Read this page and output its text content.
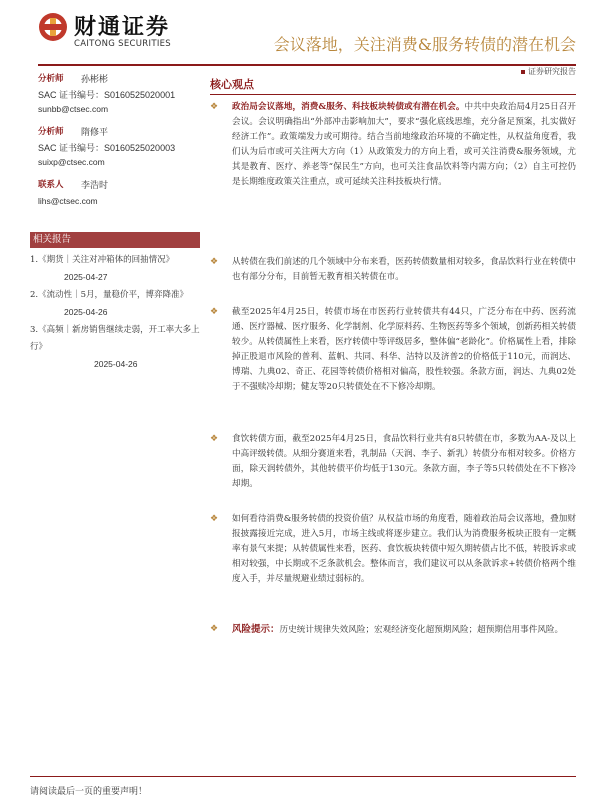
财通证券
CAITONG SECURITIES	会议落地，关注消费&服务转债的潜在机会
证券研究报告
分析师	孙彬彬
SAC 证书编号：S0160525020001
sunbb@ctsec.com
分析师	隋修平
SAC 证书编号：S0160525020003
suixp@ctsec.com
联系人	李浩时
lihs@ctsec.com
相关报告
1.《期货｜关注对冲箱体的回抽情况》
2025-04-27
2.《流动性｜5月，量稳价平，博弈降准》
2025-04-26
3.《高频｜新房销售继续走弱，开工率大多上行》
2025-04-26
核心观点
❖ 政治局会议落地，消费&服务、科技板块转债或有潜在机会。中共中央政治局4月25日召开会议。会议明确指出“外部冲击影响加大”，要求“强化底线思维，充分备足预案，扎实做好经济工作”。政策端发力或可期待。结合当前地缘政治环境的不确定性，从权益角度看，我们认为后市或可关注两大方向（1）从政策发力的方向上看，或可关注消费&服务领域，尤其是教育、医疗、养老等“保民生”方向，也可关注食品饮料等内需方向；（2）自主可控仍是长期维度政策关注重点，或可延续关注科技板块行情。
❖ 从转债在我们前述的几个领域中分布来看，医药转债数量相对较多，食品饮料行业在转债中也有部分分布，目前暂无教育相关转债在市。
❖ 截至2025年4月25日，转债市场在市医药行业转债共有44只，广泛分布在中药、医药流通、医疗器械、医疗服务、化学制剂、化学原料药、生物医药等多个领域，创新药相关转债较少。从转债属性上来看，医疗转债中等评级居多，整体偏“老龄化”。价格属性上看，排除掉正股退市风险的普利、蓝帆、共同、科华、洁特以及济普2的价格低于110元，而润达、博瑞、九典02、奇正、花园等转债价格相对偏高，股性较强。条款方面，润达、九典02处于不强赎冷却期；健友等20只转债处在不下修冷却期。
❖ 食饮转债方面，截至2025年4月25日，食品饮料行业共有8只转债在市，多数为AA-及以上中高评级转债。从细分赛道来看，乳制品（天润、李子、新乳）转债分布相对较多。价格方面，除天润转债外，其他转债平价均低于130元。条款方面，李子等5只转债处在不下修冷却期。
❖ 如何看待消费&服务转债的投资价值？从权益市场的角度看，随着政治局会议落地，叠加财报披露接近完成，进入5月，市场主线或将逐步建立。我们认为消费服务板块正股有一定概率有景气来提；从转债属性来看，医药、食饮板块转债中短久期转债占比不低，转股诉求或相对较强，中长期或不乏条款机会。整体而言，我们建议可以从条款诉求+转债价格两个维度入手，并尽量规避业绩过弱标的。
❖ 风险提示：历史统计规律失效风险；宏观经济变化超预期风险；超预期信用事件风险。
请阅读最后一页的重要声明！
